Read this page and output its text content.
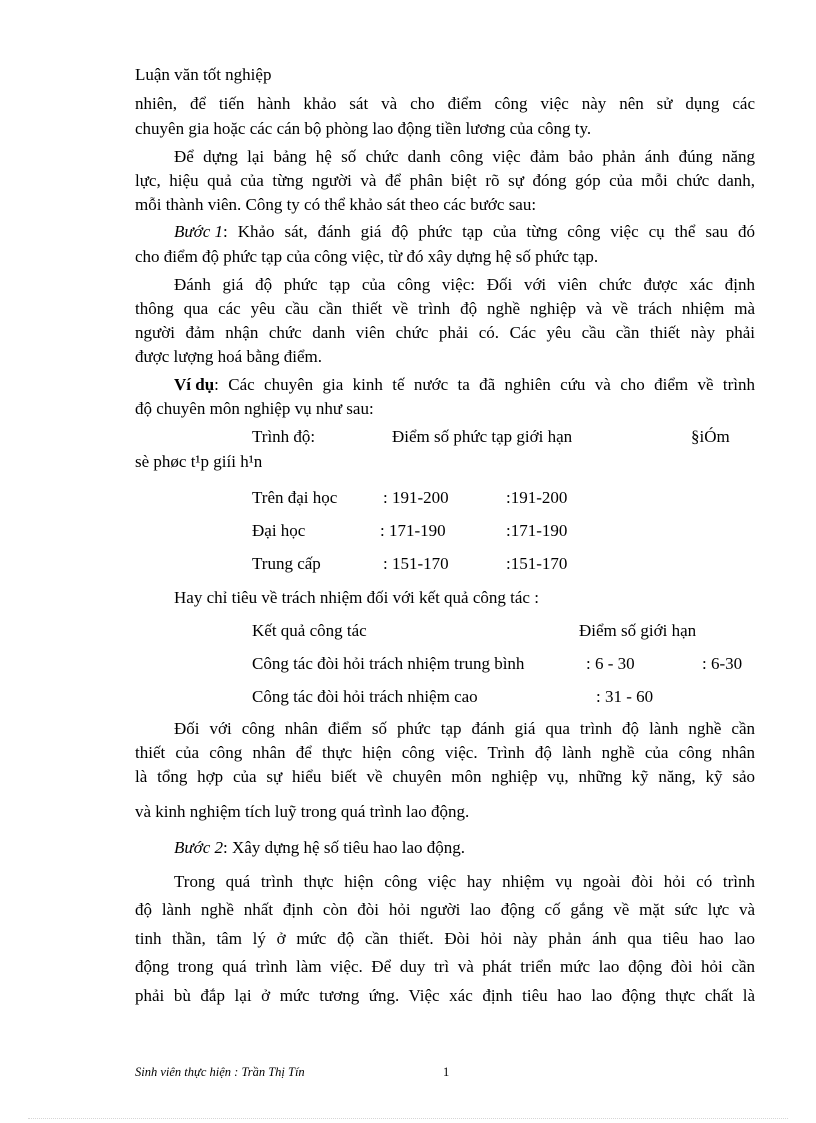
Luận văn tốt nghiệp
nhiên, để tiến hành khảo sát và cho điểm công việc này nên sử dụng các
chuyên gia hoặc các cán bộ phòng lao động tiền lương của công ty.
Để dựng lại bảng hệ số chức danh công việc đảm bảo phản ánh đúng năng
lực, hiệu quả của từng người và để phân biệt rõ sự đóng góp của mỗi chức danh,
mỗi thành viên. Công ty có thể khảo sát theo các bước sau:
Bước 1 : Khảo sát, đánh giá độ phức tạp của từng công việc cụ thể sau đó
cho điểm độ phức tạp của công việc, từ đó xây dựng hệ số phức tạp.
Đánh giá độ phức tạp của công việc: Đối với viên chức được xác định
thông qua các yêu cầu cần thiết về trình độ nghề nghiệp và về trách nhiệm mà
người đảm nhận chức danh viên chức phải có. Các yêu cầu cần thiết này phải
được lượng hoá bằng điểm.
Ví dụ : Các chuyên gia kinh tế nước ta đã nghiên cứu và cho điểm về trình
độ chuyên môn nghiệp vụ như sau:
Trình độ:	Điểm số phức tạp giới hạn	§iÓm
sè phøc t¹p giíi h¹n
Trên đại học	: 191-200	:191-200
Đại học	: 171-190	:171-190
Trung cấp	: 151-170	:151-170
Hay chỉ tiêu về trách nhiệm đối với kết quả công tác :
Kết quả công tác	Điểm số giới hạn
Công tác đòi hỏi trách nhiệm trung bình	: 6 - 30	: 6-30
Công tác đòi hỏi trách nhiệm cao	: 31 - 60
Đối với công nhân điểm số phức tạp đánh giá qua trình độ lành nghề cần
thiết của công nhân để thực hiện công việc. Trình độ lành nghề của công nhân
là tổng hợp của sự hiểu biết về chuyên môn nghiệp vụ, những kỹ năng, kỹ sảo
và kinh nghiệm tích luỹ trong quá trình lao động.
Bước 2: Xây dựng hệ số tiêu hao lao động.
Trong quá trình thực hiện công việc hay nhiệm vụ ngoài đòi hỏi có trình
độ lành nghề nhất định còn đòi hỏi người lao động cố gắng về mặt sức lực và
tinh thần, tâm lý ở mức độ cần thiết. Đòi hỏi này phản ánh qua tiêu hao lao
động trong quá trình làm việc. Để duy trì và phát triển mức lao động đòi hỏi cần
phải bù đắp lại ở mức tương ứng. Việc xác định tiêu hao lao động thực chất là
Sinh viên thực hiện : Trần Thị Tín	1
